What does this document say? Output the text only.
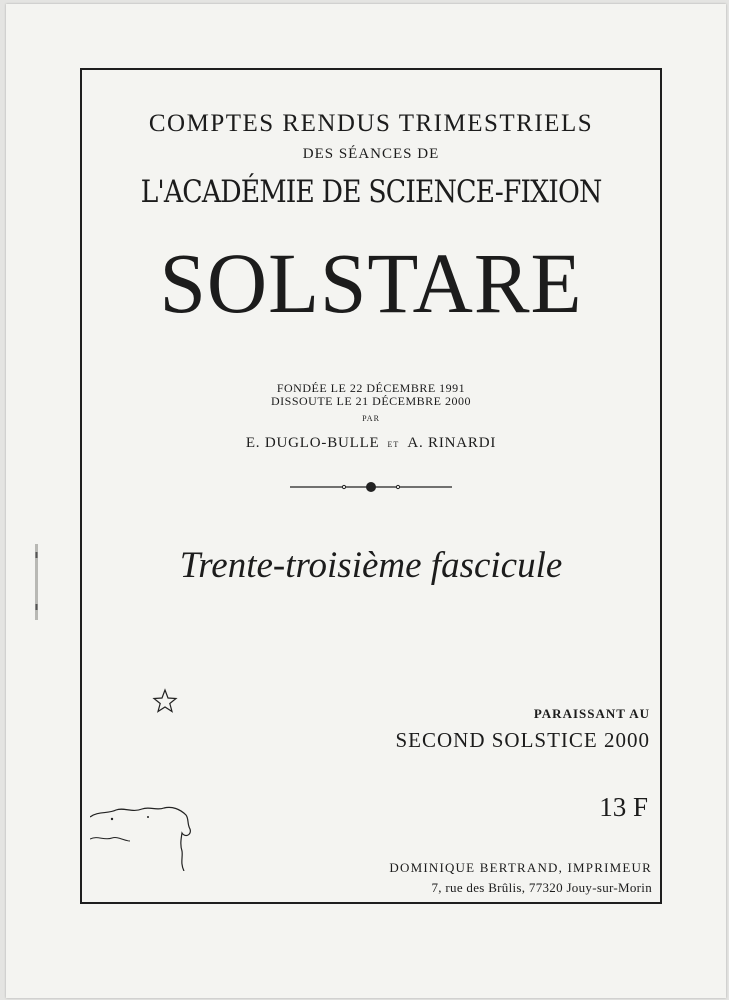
COMPTES RENDUS TRIMESTRIELS
DES SÉANCES DE
L'ACADÉMIE DE SCIENCE-FIXION
SOLSTARE
FONDÉE LE 22 DÉCEMBRE 1991
DISSOUTE LE 21 DÉCEMBRE 2000
PAR
E. DUGLO-BULLE ET A. RINARDI
Trente-troisième fascicule
PARAISSANT AU
SECOND SOLSTICE 2000
13 F
DOMINIQUE BERTRAND, IMPRIMEUR
7, rue des Brûlis, 77320 Jouy-sur-Morin
